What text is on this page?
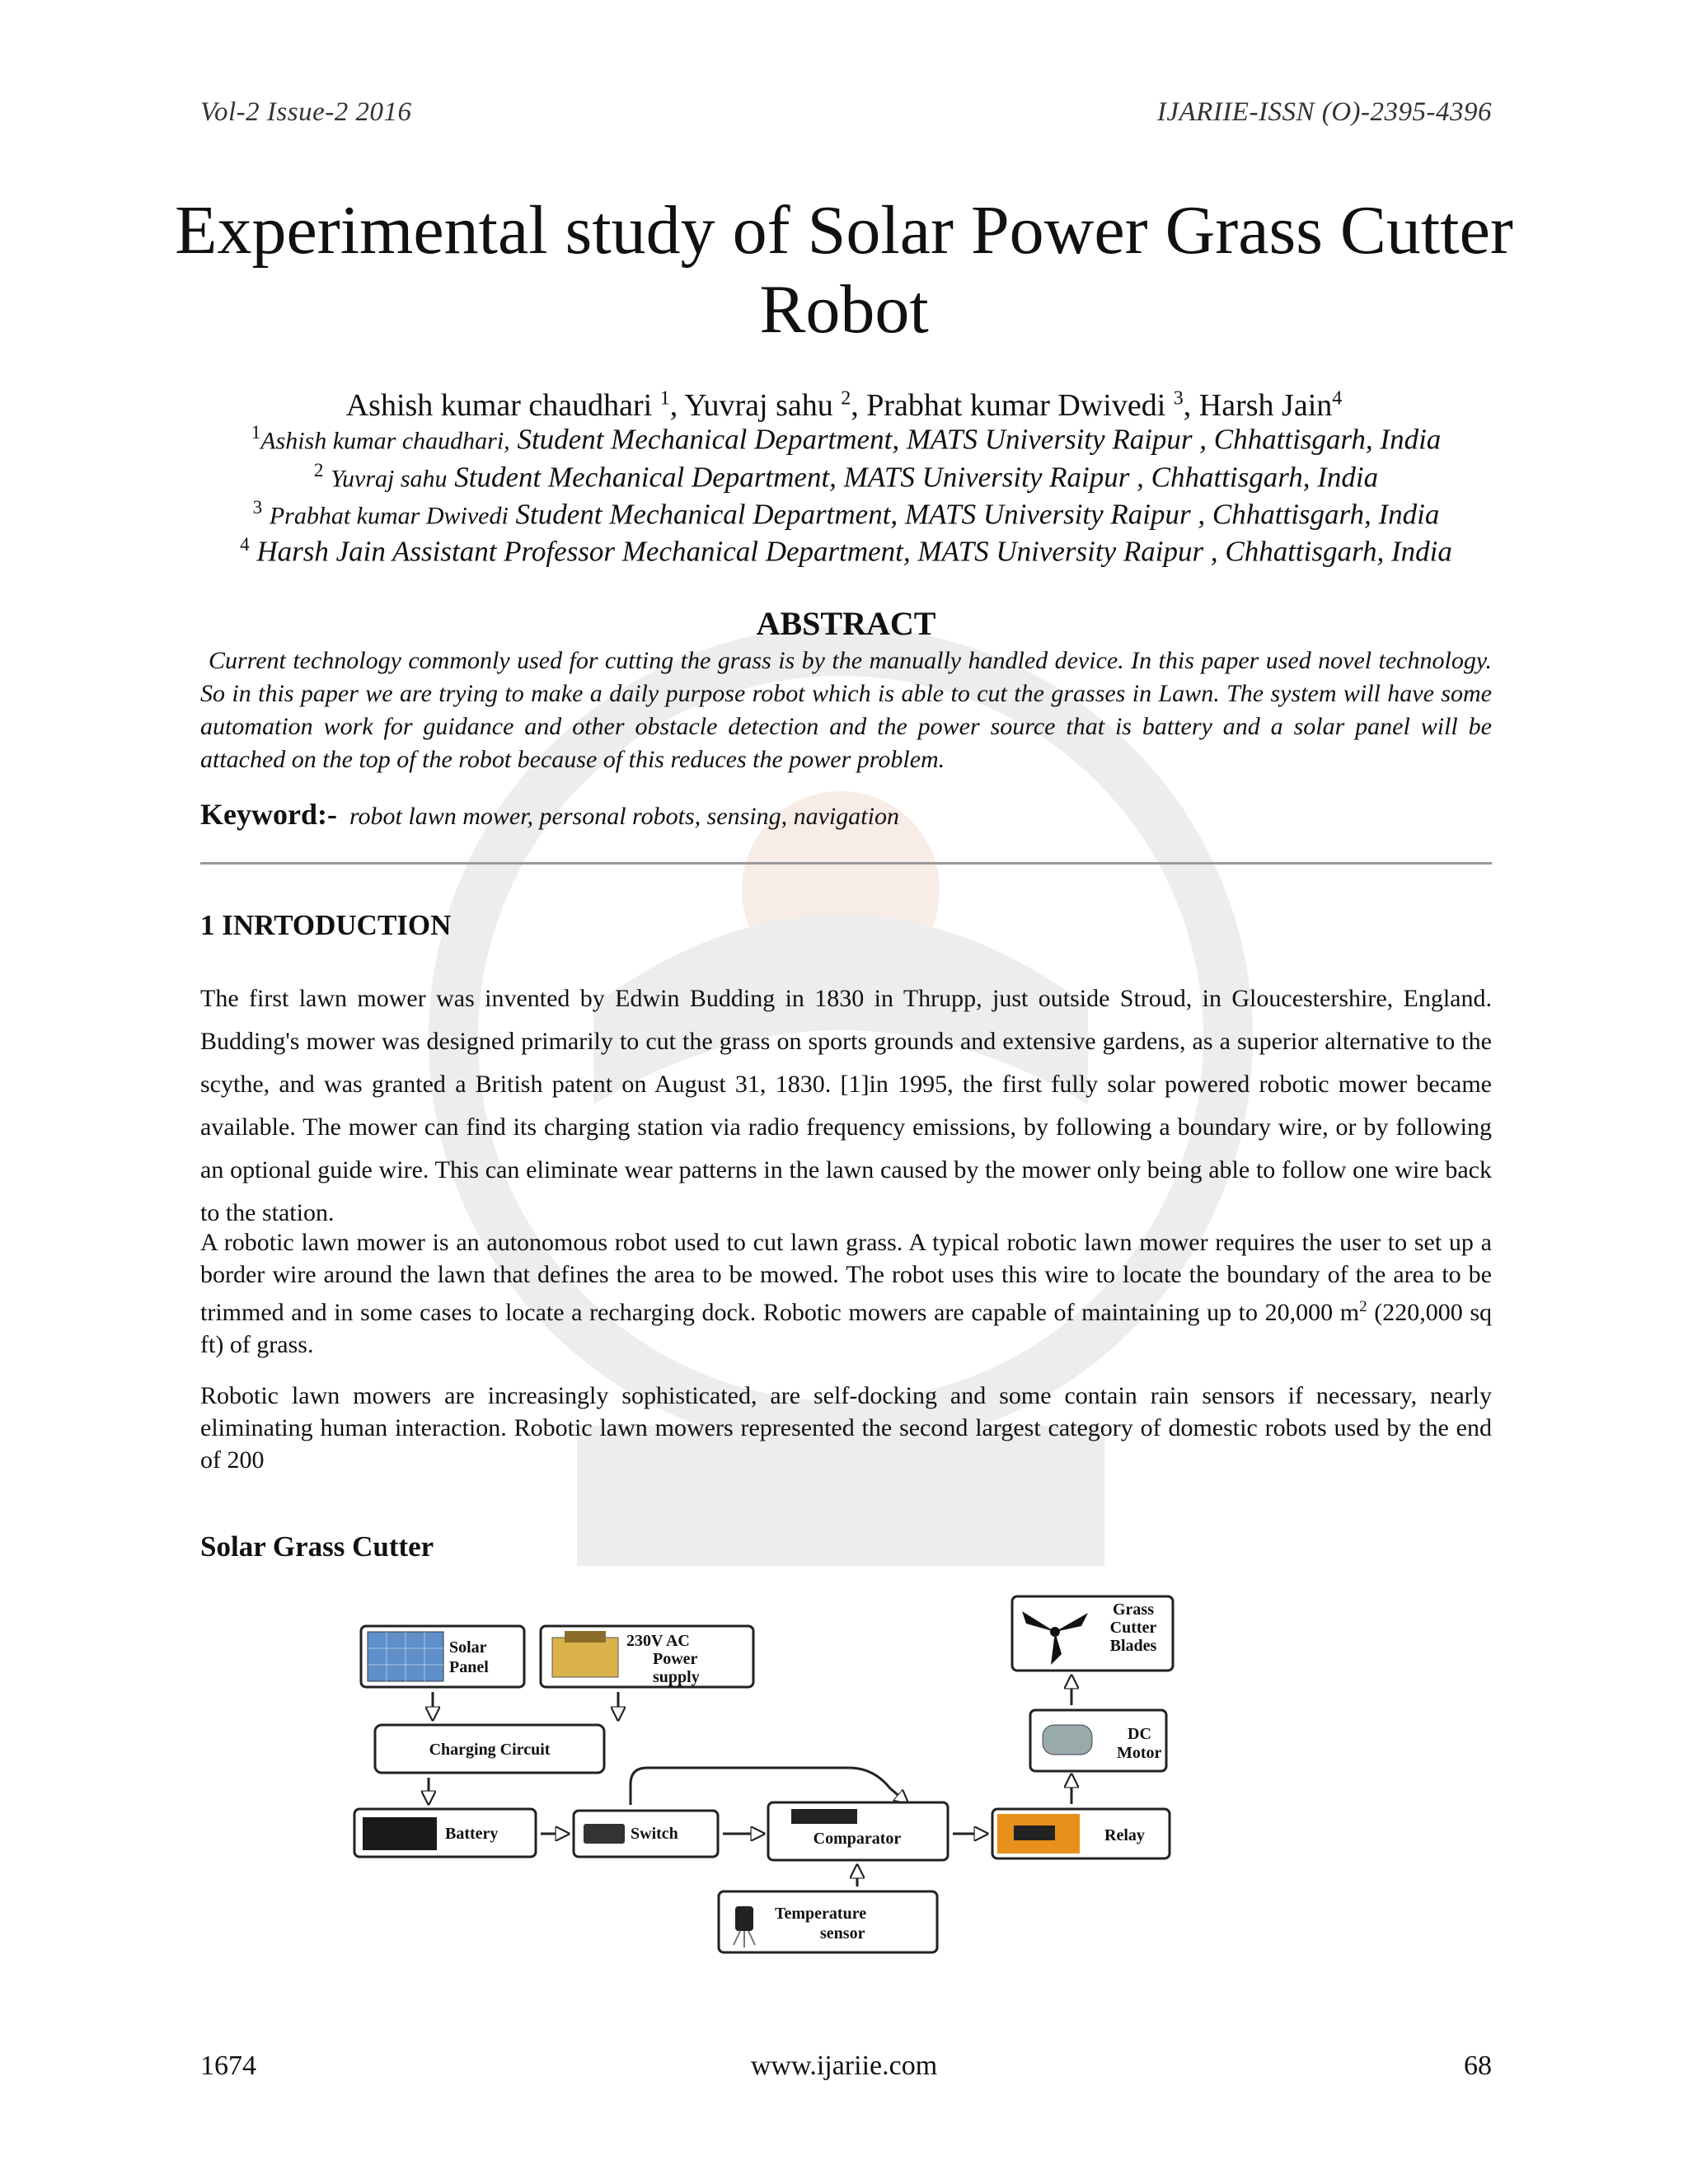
Vol-2 Issue-2 2016	IJARIIE-ISSN (O)-2395-4396
Experimental study of Solar Power Grass Cutter
Robot
Ashish kumar chaudhari $^1$, Yuvraj sahu $^2$, Prabhat kumar Dwivedi $^3$, Harsh Jain$^4$
$^1$Ashish kumar chaudhari, Student Mechanical Department, MATS University Raipur , Chhattisgarh, India
$^2$ Yuvraj sahu Student Mechanical Department, MATS University Raipur , Chhattisgarh, India
$^3$ Prabhat kumar Dwivedi Student Mechanical Department, MATS University Raipur , Chhattisgarh, India
$^4$ Harsh Jain Assistant Professor Mechanical Department, MATS University Raipur , Chhattisgarh, India
ABSTRACT
Current technology commonly used for cutting the grass is by the manually handled device. In this paper used novel technology. So in this paper we are trying to make a daily purpose robot which is able to cut the grasses in Lawn. The system will have some automation work for guidance and other obstacle detection and the power source that is battery and a solar panel will be attached on the top of the robot because of this reduces the power problem.
Keyword:- robot lawn mower, personal robots, sensing, navigation
1 INRTODUCTION
The first lawn mower was invented by Edwin Budding in 1830 in Thrupp, just outside Stroud, in Gloucestershire, England. Budding's mower was designed primarily to cut the grass on sports grounds and extensive gardens, as a superior alternative to the scythe, and was granted a British patent on August 31, 1830. [1]in 1995, the first fully solar powered robotic mower became available. The mower can find its charging station via radio frequency emissions, by following a boundary wire, or by following an optional guide wire. This can eliminate wear patterns in the lawn caused by the mower only being able to follow one wire back to the station.
A robotic lawn mower is an autonomous robot used to cut lawn grass. A typical robotic lawn mower requires the user to set up a border wire around the lawn that defines the area to be mowed. The robot uses this wire to locate the boundary of the area to be trimmed and in some cases to locate a recharging dock. Robotic mowers are capable of maintaining up to 20,000 $m^2$ (220,000 sq ft) of grass.
Robotic lawn mowers are increasingly sophisticated, are self-docking and some contain rain sensors if necessary, nearly eliminating human interaction. Robotic lawn mowers represented the second largest category of domestic robots used by the end of 200
Solar Grass Cutter
Solar
Panel
230V AC
Power
supply
Charging Circuit
Battery	Switch	Comparator
Temperature
sensor
Relay
DC
Motor
Grass
Cutter
Blades
1674	www.ijariie.com	68
